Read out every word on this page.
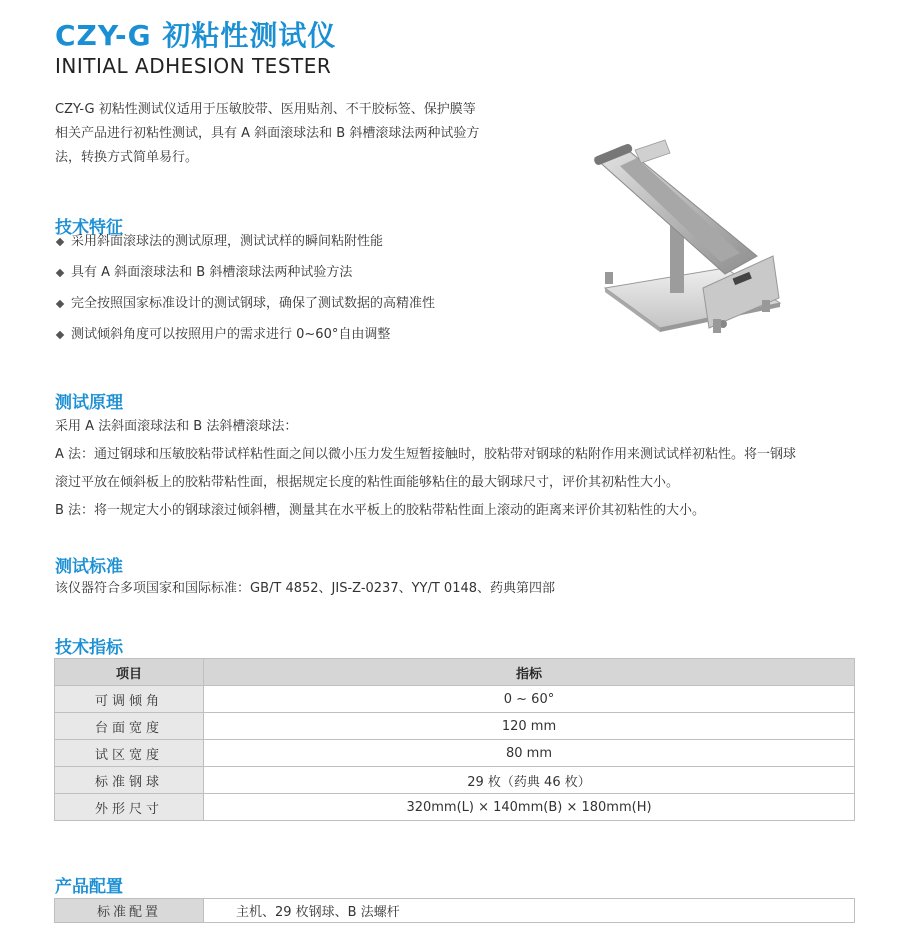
CZY-G 初粘性测试仪
INITIAL ADHESION TESTER

CZY-G 初粘性测试仪适用于压敏胶带、医用贴剂、不干胶标签、保护膜等相关产品进行初粘性测试，具有 A 斜面滚球法和 B 斜槽滚球法两种试验方法，转换方式简单易行。

技术特征
采用斜面滚球法的测试原理，测试试样的瞬间粘附性能
具有 A 斜面滚球法和 B 斜槽滚球法两种试验方法
完全按照国家标准设计的测试钢球，确保了测试数据的高精准性
测试倾斜角度可以按照用户的需求进行 0~60°自由调整
测试原理
采用 A 法斜面滚球法和 B 法斜槽滚球法：
A 法：通过钢球和压敏胶粘带试样粘性面之间以微小压力发生短暂接触时，胶粘带对钢球的粘附作用来测试试样初粘性。将一钢球
滚过平放在倾斜板上的胶粘带粘性面，根据规定长度的粘性面能够粘住的最大钢球尺寸，评价其初粘性大小。
B 法：将一规定大小的钢球滚过倾斜槽，测量其在水平板上的胶粘带粘性面上滚动的距离来评价其初粘性的大小。
测试标准
该仪器符合多项国家和国际标准：GB/T 4852、JIS-Z-0237、YY/T 0148、药典第四部
技术指标
项目	指标
可调倾角	0 ~ 60°
台面宽度	120 mm
试区宽度	80 mm
标准钢球	29 枚（药典 46 枚）
外形尺寸	320mm(L) × 140mm(B) × 180mm(H)
产品配置
标准配置	主机、29 枚钢球、B 法螺杆
